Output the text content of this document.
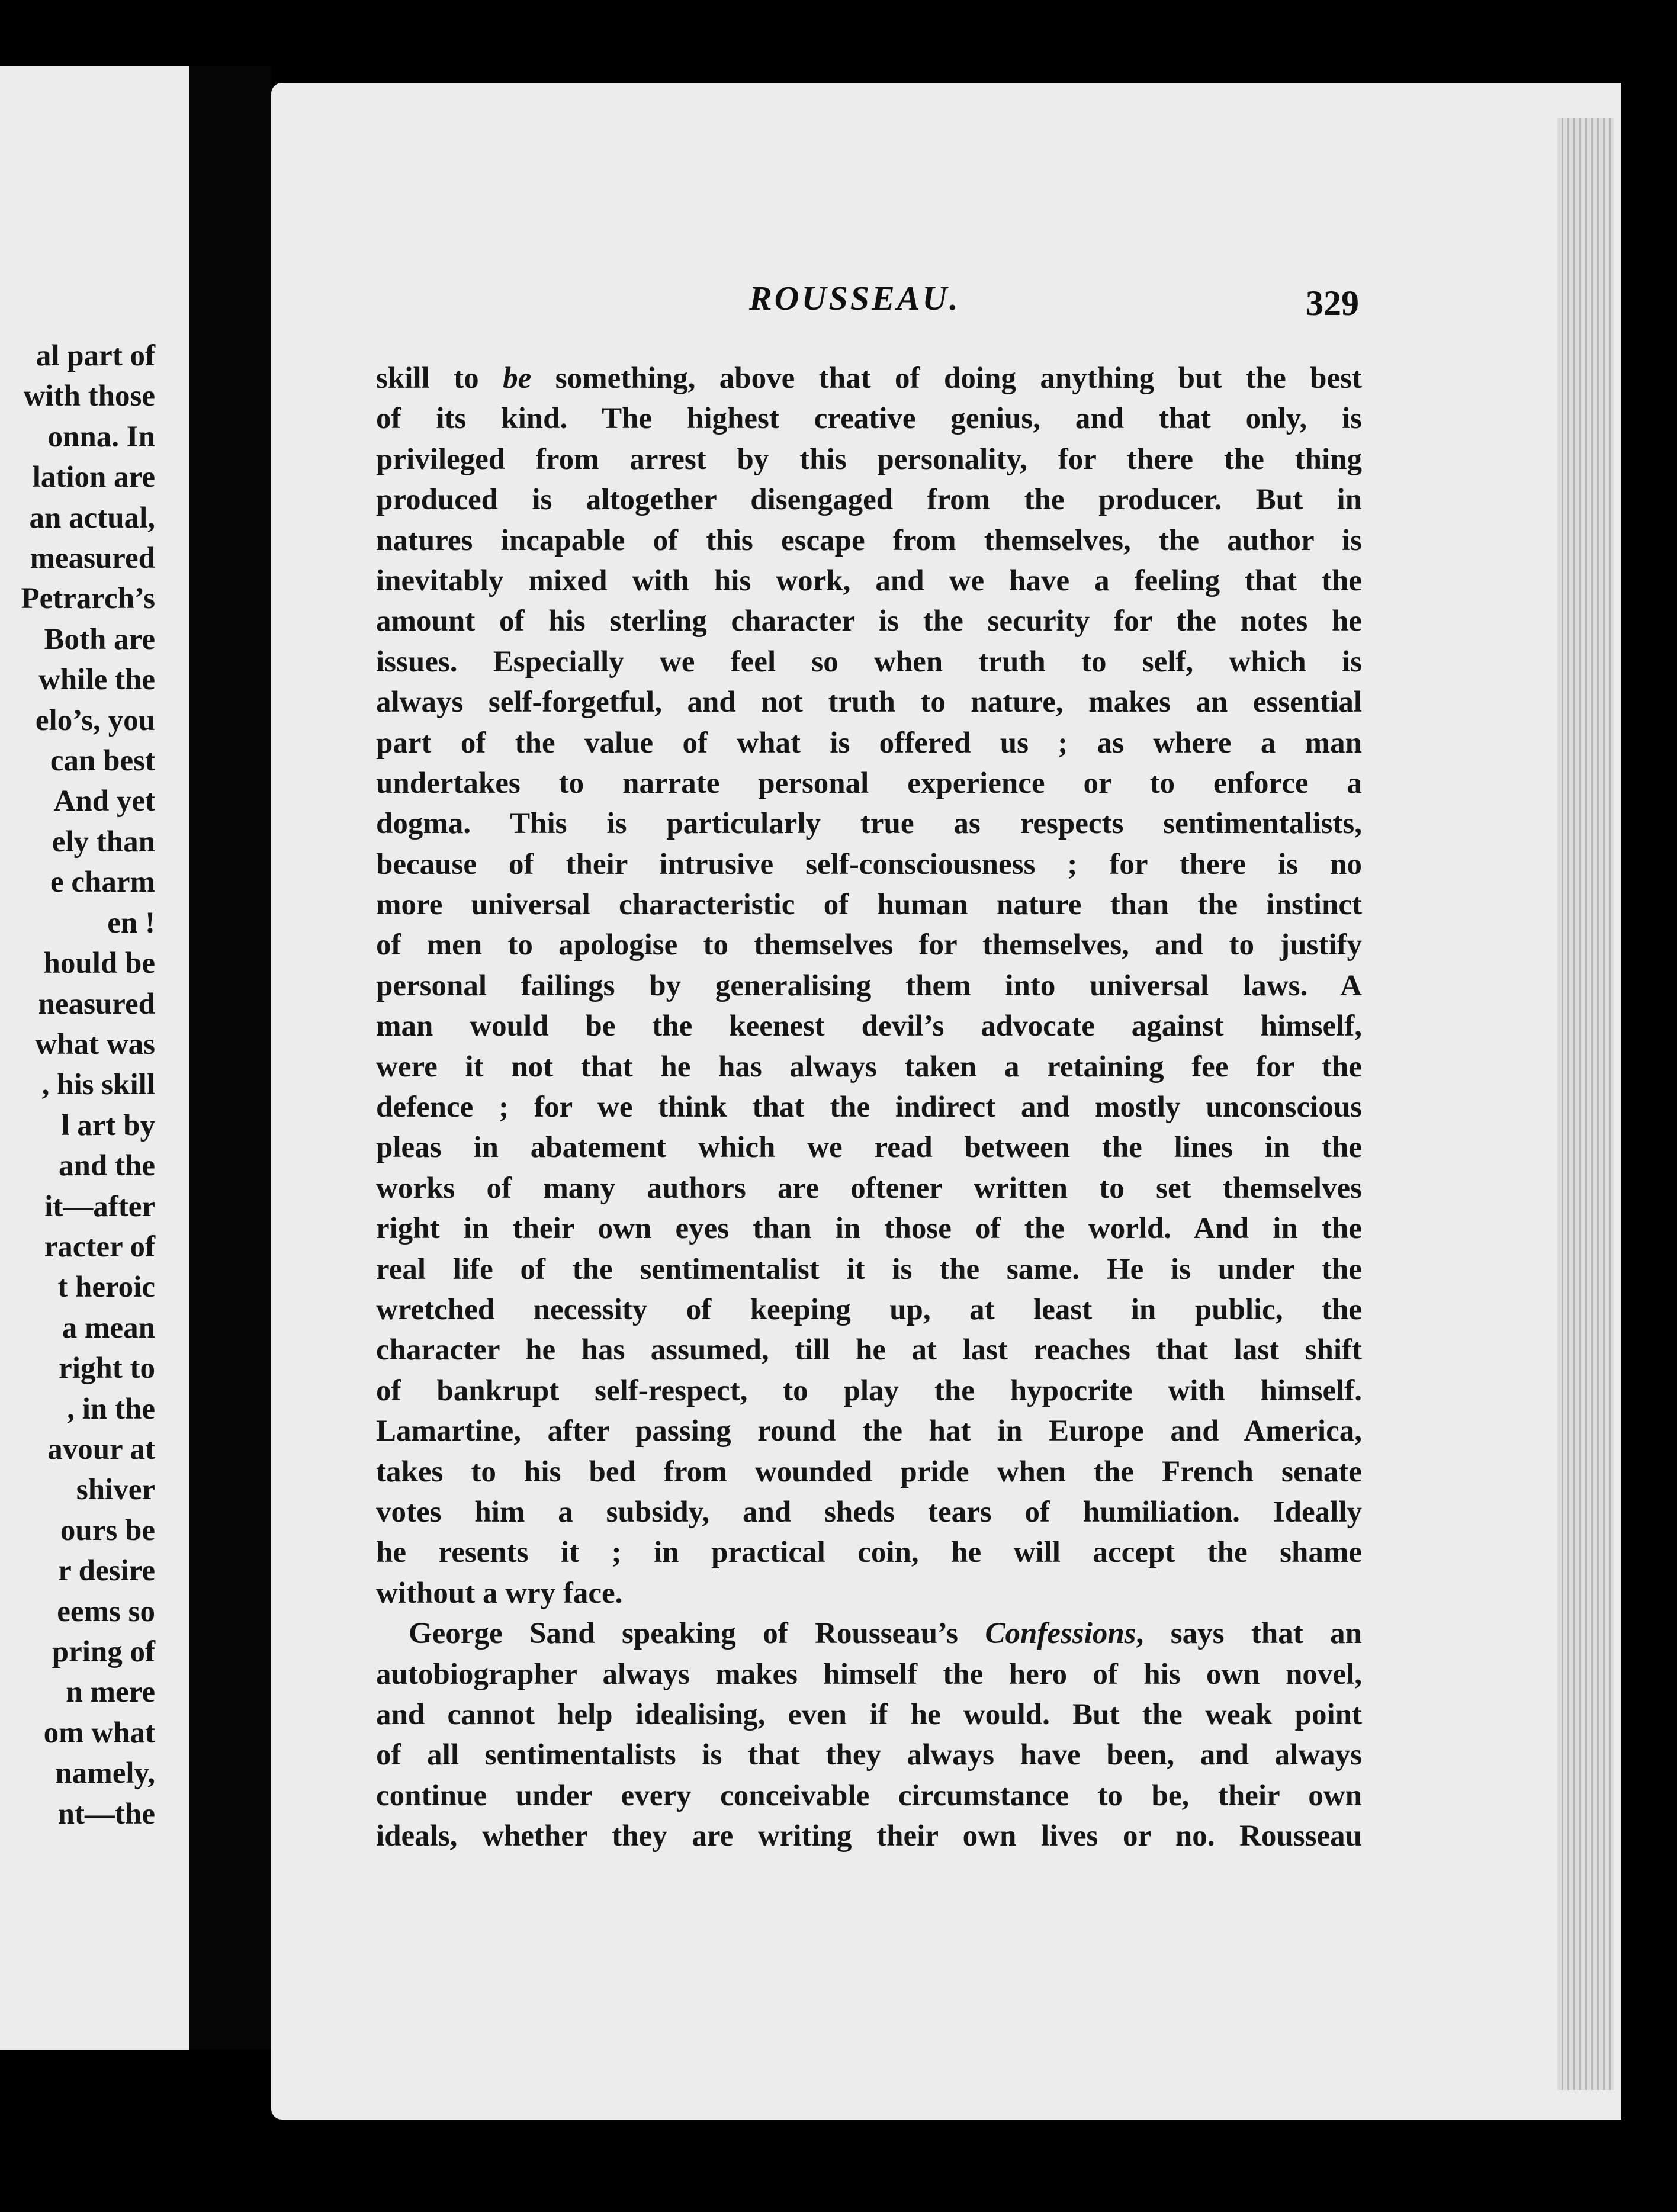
al part of
with those
onna. In
lation are
an actual,
measured
Petrarch’s
Both are
while the
elo’s, you
can best
And yet
ely than
e charm
en !
hould be
neasured
what was
, his skill
l art by
and the
it—after
racter of
t heroic
a mean
right to
, in the
avour at
shiver
ours be
r desire
eems so
pring of
n mere
om what
namely,
nt—the
ROUSSEAU.	329
skill to be something, above that of doing anything but the best
of its kind. The highest creative genius, and that only, is
privileged from arrest by this personality, for there the thing
produced is altogether disengaged from the producer. But in
natures incapable of this escape from themselves, the author is
inevitably mixed with his work, and we have a feeling that the
amount of his sterling character is the security for the notes he
issues. Especially we feel so when truth to self, which is
always self-forgetful, and not truth to nature, makes an essential
part of the value of what is offered us ; as where a man
undertakes to narrate personal experience or to enforce a
dogma. This is particularly true as respects sentimentalists,
because of their intrusive self-consciousness ; for there is no
more universal characteristic of human nature than the instinct
of men to apologise to themselves for themselves, and to justify
personal failings by generalising them into universal laws. A
man would be the keenest devil’s advocate against himself,
were it not that he has always taken a retaining fee for the
defence ; for we think that the indirect and mostly unconscious
pleas in abatement which we read between the lines in the
works of many authors are oftener written to set themselves
right in their own eyes than in those of the world. And in the
real life of the sentimentalist it is the same. He is under the
wretched necessity of keeping up, at least in public, the
character he has assumed, till he at last reaches that last shift
of bankrupt self-respect, to play the hypocrite with himself.
Lamartine, after passing round the hat in Europe and America,
takes to his bed from wounded pride when the French senate
votes him a subsidy, and sheds tears of humiliation. Ideally
he resents it ; in practical coin, he will accept the shame
without a wry face.
George Sand speaking of Rousseau’s Confessions, says that an
autobiographer always makes himself the hero of his own novel,
and cannot help idealising, even if he would. But the weak point
of all sentimentalists is that they always have been, and always
continue under every conceivable circumstance to be, their own
ideals, whether they are writing their own lives or no. Rousseau
